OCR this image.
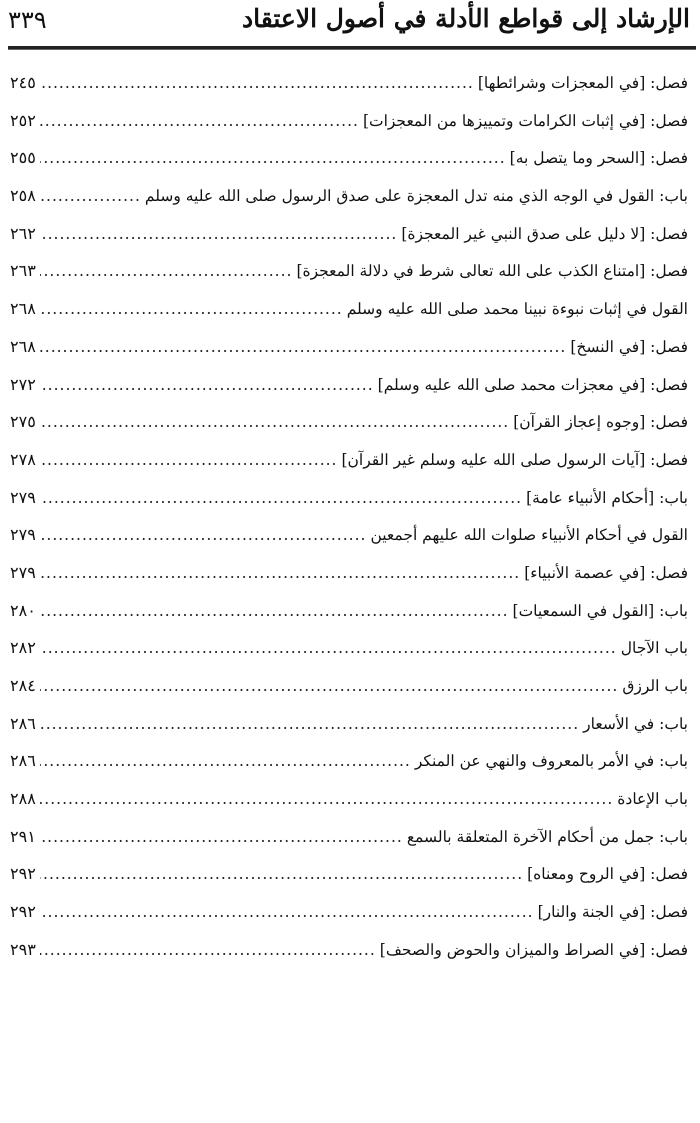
الإرشاد إلى قواطع الأدلة في أصول الاعتقاد
٣٣٩
فصل: [في المعجزات وشرائطها]
.....
٢٤٥
فصل: [في إثبات الكرامات وتمييزها من المعجزات]
.....
٢٥٢
فصل: [السحر وما يتصل به]
.....
٢٥٥
باب: القول في الوجه الذي منه تدل المعجزة على صدق الرسول صلى الله عليه وسلم
.....
٢٥٨
فصل: [لا دليل على صدق النبي غير المعجزة]
.....
٢٦٢
فصل: [امتناع الكذب على الله تعالى شرط في دلالة المعجزة]
.....
٢٦٣
القول في إثبات نبوءة نبينا محمد صلى الله عليه وسلم
.....
٢٦٨
فصل: [في النسخ]
.....
٢٦٨
فصل: [في معجزات محمد صلى الله عليه وسلم]
.....
٢٧٢
فصل: [وجوه إعجاز القرآن]
.....
٢٧٥
فصل: [آيات الرسول صلى الله عليه وسلم غير القرآن]
.....
٢٧٨
باب: [أحكام الأنبياء عامة]
.....
٢٧٩
القول في أحكام الأنبياء صلوات الله عليهم أجمعين
.....
٢٧٩
فصل: [في عصمة الأنبياء]
.....
٢٧٩
باب: [القول في السمعيات]
.....
٢٨٠
باب الآجال
.....
٢٨٢
باب الرزق
.....
٢٨٤
باب: في الأسعار
.....
٢٨٦
باب: في الأمر بالمعروف والنهي عن المنكر
.....
٢٨٦
باب الإعادة
.....
٢٨٨
باب: جمل من أحكام الآخرة المتعلقة بالسمع
.....
٢٩١
فصل: [في الروح ومعناه]
.....
٢٩٢
فصل: [في الجنة والنار]
.....
٢٩٢
فصل: [في الصراط والميزان والحوض والصحف]
.....
٢٩٣
